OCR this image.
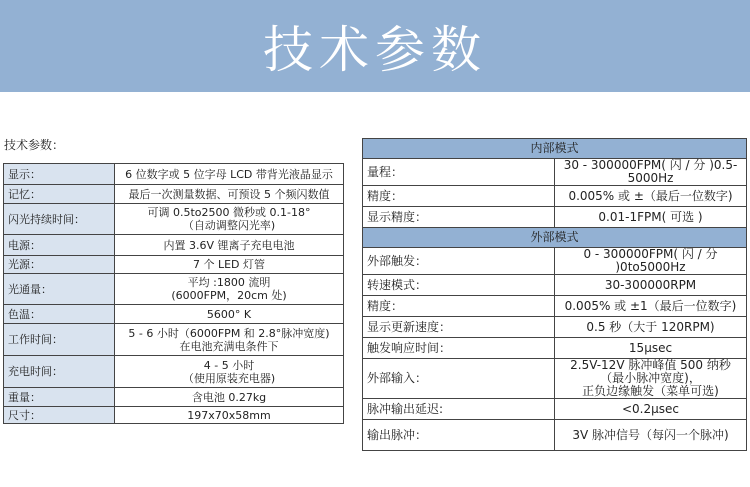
技术参数
技术参数：
显示：	6 位数字或 5 位字母 LCD 带背光液晶显示

记忆：	最后一次测量数据、可预设 5 个频闪数值

闪光持续时间：	可调 0.5to2500 微秒或 0.1-18°
（自动调整闪光率)

电源：	内置 3.6V 锂离子充电电池

光源：	7 个 LED 灯管

光通量：	平均 :1800 流明
(6000FPM，20cm 处)

色温：	5600° K

工作时间：	5 - 6 小时（6000FPM 和 2.8°脉冲宽度)
在电池充满电条件下

充电时间：	4 - 5 小时
（使用原装充电器)

重量：	含电池 0.27kg

尺寸：	197x70x58mm
内部模式	
量程：	30 - 300000FPM( 闪 / 分 )0.5-5000Hz

精度：	0.005% 或 ±（最后一位数字)

显示精度：	0.01-1FPM( 可选 )

外部模式	
外部触发：	0 - 300000FPM( 闪 / 分 )0to5000Hz

转速模式：	30-300000RPM

精度：	0.005% 或 ±1（最后一位数字)

显示更新速度：	0.5 秒（大于 120RPM)

触发响应时间：	15μsec

外部输入：	2.5V-12V 脉冲峰值 500 纳秒（最小脉冲宽度)，
正负边缘触发（菜单可选)

脉冲输出延迟:	<0.2μsec

输出脉冲：	3V 脉冲信号（每闪一个脉冲)
